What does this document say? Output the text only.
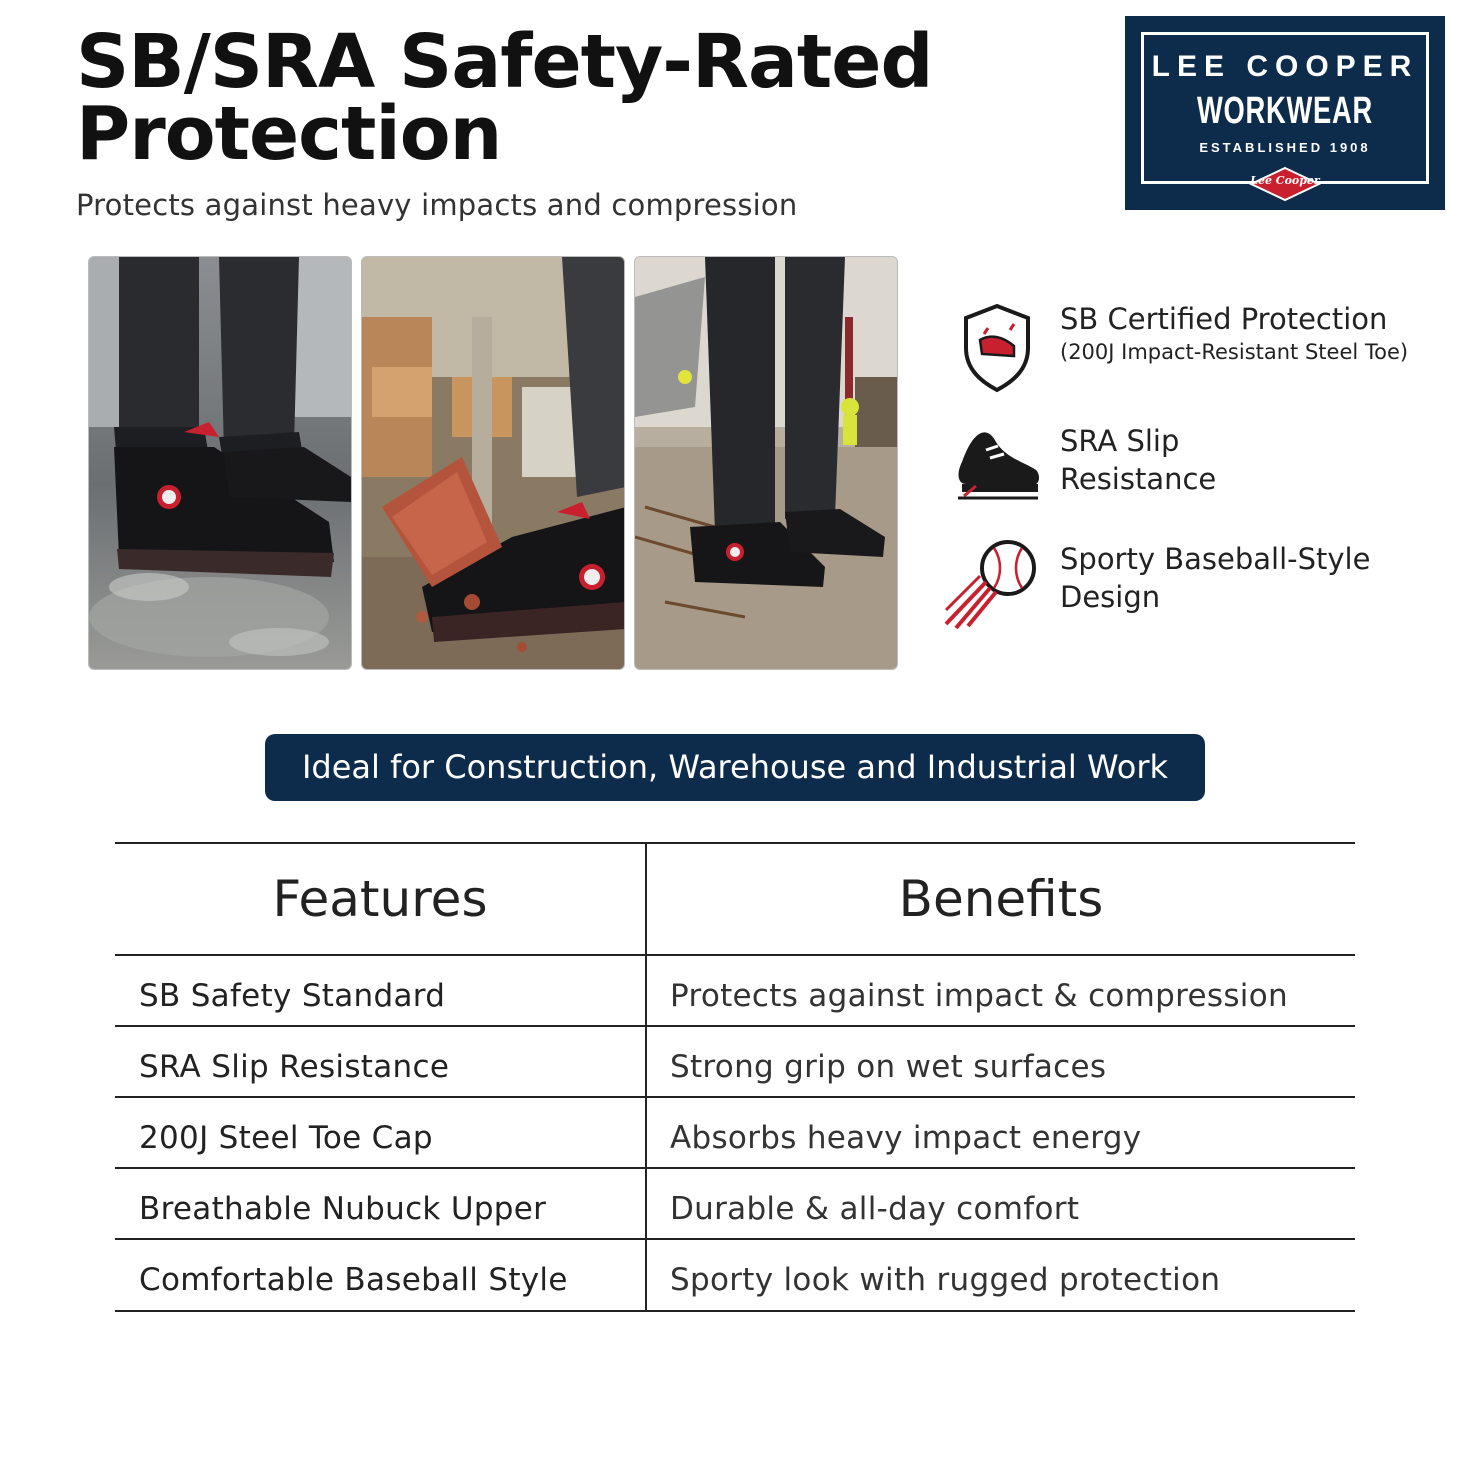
SB/SRA Safety-Rated Protection
Protects against heavy impacts and compression
LEE COOPER
WORKWEAR
ESTABLISHED 1908
Lee Cooper
SB Certified Protection
(200J Impact-Resistant Steel Toe)
SRA Slip
Resistance
Sporty Baseball-Style
Design
Ideal for Construction, Warehouse and Industrial Work
Features	Benefits
SB Safety Standard	Protects against impact & compression
SRA Slip Resistance	Strong grip on wet surfaces
200J Steel Toe Cap	Absorbs heavy impact energy
Breathable Nubuck Upper	Durable & all-day comfort
Comfortable Baseball Style	Sporty look with rugged protection
